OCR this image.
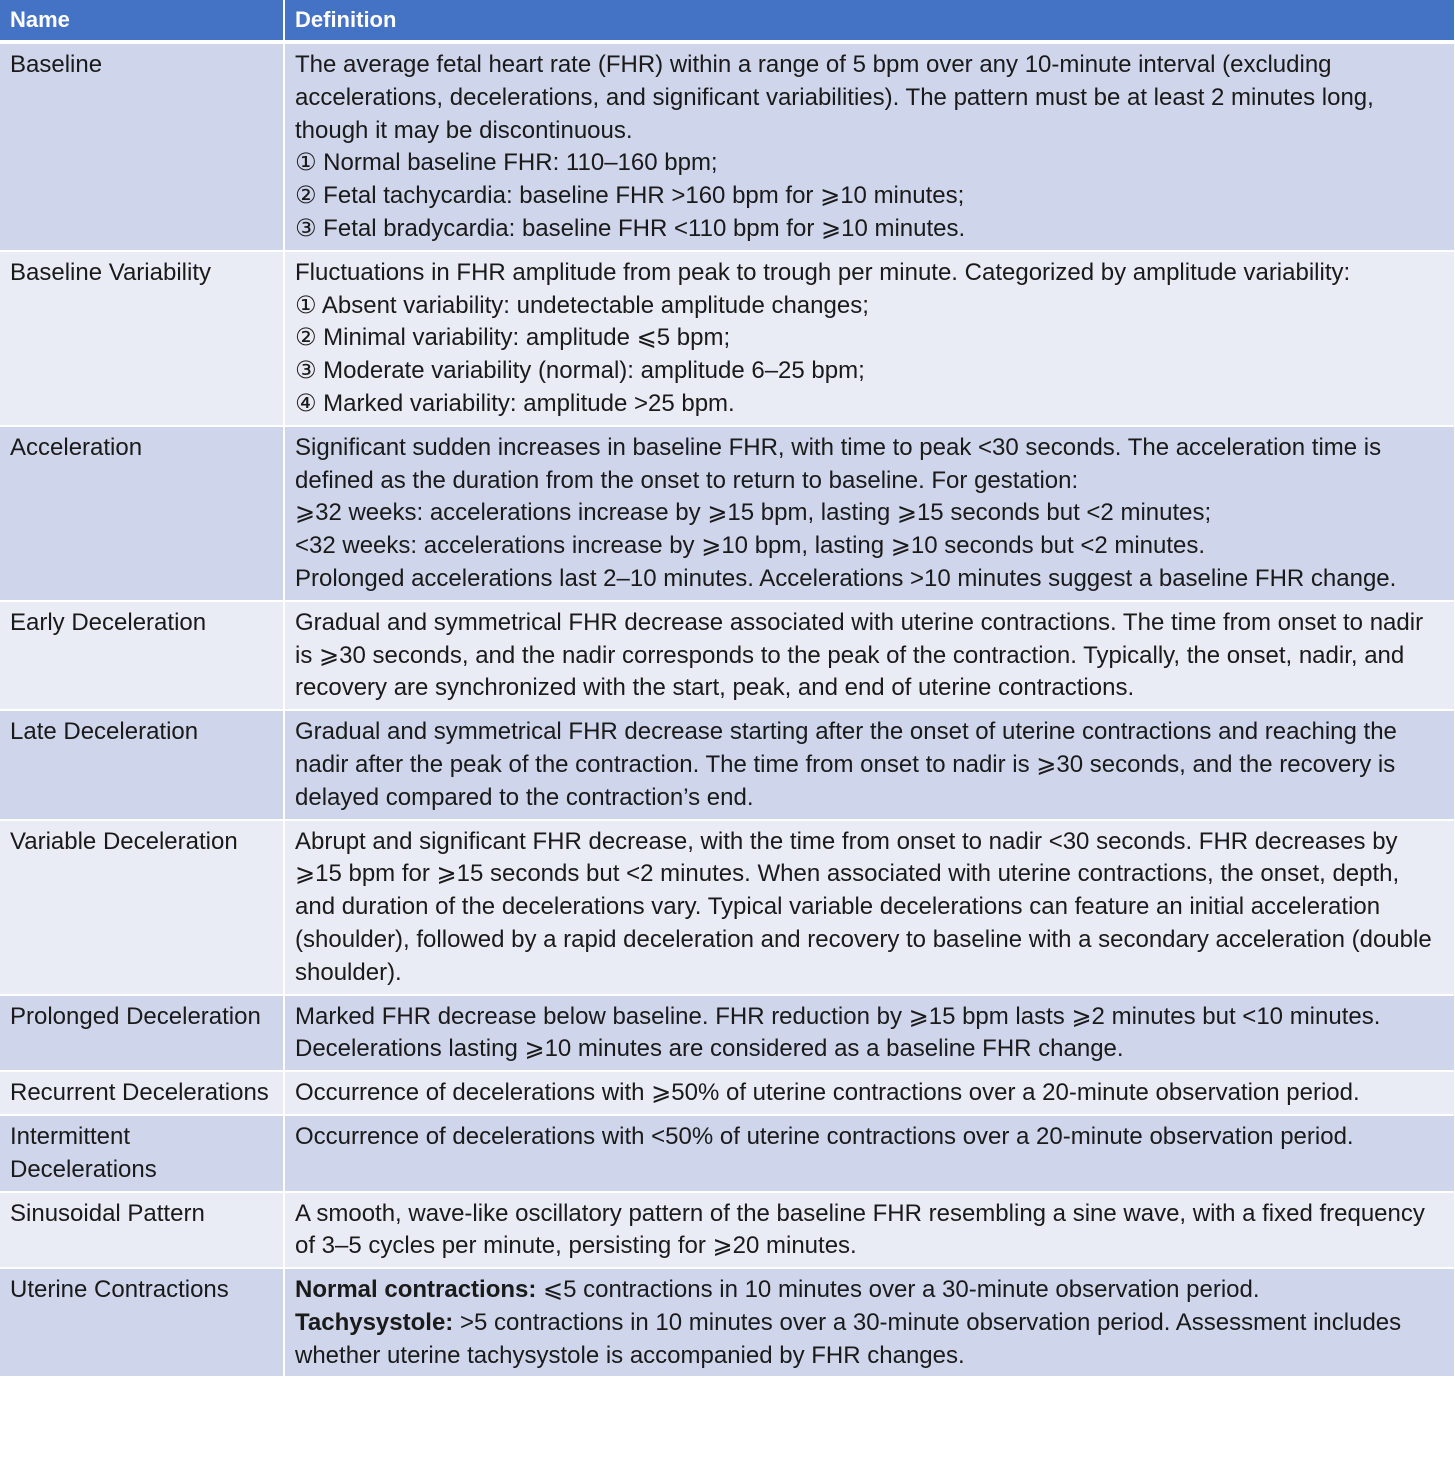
Name	Definition
Baseline	The average fetal heart rate (FHR) within a range of 5 bpm over any 10-minute interval (excluding accelerations, decelerations, and significant variabilities). The pattern must be at least 2 minutes long, though it may be discontinuous.
① Normal baseline FHR: 110–160 bpm;
② Fetal tachycardia: baseline FHR >160 bpm for ⩾10 minutes;
③ Fetal bradycardia: baseline FHR <110 bpm for ⩾10 minutes.

Baseline Variability	Fluctuations in FHR amplitude from peak to trough per minute. Categorized by amplitude variability:
① Absent variability: undetectable amplitude changes;
② Minimal variability: amplitude ⩽5 bpm;
③ Moderate variability (normal): amplitude 6–25 bpm;
④ Marked variability: amplitude >25 bpm.

Acceleration	Significant sudden increases in baseline FHR, with time to peak <30 seconds. The acceleration time is defined as the duration from the onset to return to baseline. For gestation:
⩾32 weeks: accelerations increase by ⩾15 bpm, lasting ⩾15 seconds but <2 minutes;
<32 weeks: accelerations increase by ⩾10 bpm, lasting ⩾10 seconds but <2 minutes.
Prolonged accelerations last 2–10 minutes. Accelerations >10 minutes suggest a baseline FHR change.

Early Deceleration	Gradual and symmetrical FHR decrease associated with uterine contractions. The time from onset to nadir is ⩾30 seconds, and the nadir corresponds to the peak of the contraction. Typically, the onset, nadir, and recovery are synchronized with the start, peak, and end of uterine contractions.

Late Deceleration	Gradual and symmetrical FHR decrease starting after the onset of uterine contractions and reaching the nadir after the peak of the contraction. The time from onset to nadir is ⩾30 seconds, and the recovery is delayed compared to the contraction’s end.

Variable Deceleration	Abrupt and significant FHR decrease, with the time from onset to nadir <30 seconds. FHR decreases by ⩾15 bpm for ⩾15 seconds but <2 minutes. When associated with uterine contractions, the onset, depth, and duration of the decelerations vary. Typical variable decelerations can feature an initial acceleration (shoulder), followed by a rapid deceleration and recovery to baseline with a secondary acceleration (double shoulder).

Prolonged Deceleration	Marked FHR decrease below baseline. FHR reduction by ⩾15 bpm lasts ⩾2 minutes but <10 minutes. Decelerations lasting ⩾10 minutes are considered as a baseline FHR change.

Recurrent Decelerations	Occurrence of decelerations with ⩾50% of uterine contractions over a 20-minute observation period.

Intermittent Decelerations	Occurrence of decelerations with <50% of uterine contractions over a 20-minute observation period.

Sinusoidal Pattern	A smooth, wave-like oscillatory pattern of the baseline FHR resembling a sine wave, with a fixed frequency of 3–5 cycles per minute, persisting for ⩾20 minutes.

Uterine Contractions	Normal contractions: ⩽5 contractions in 10 minutes over a 30-minute observation period.
Tachysystole: >5 contractions in 10 minutes over a 30-minute observation period. Assessment includes whether uterine tachysystole is accompanied by FHR changes.
